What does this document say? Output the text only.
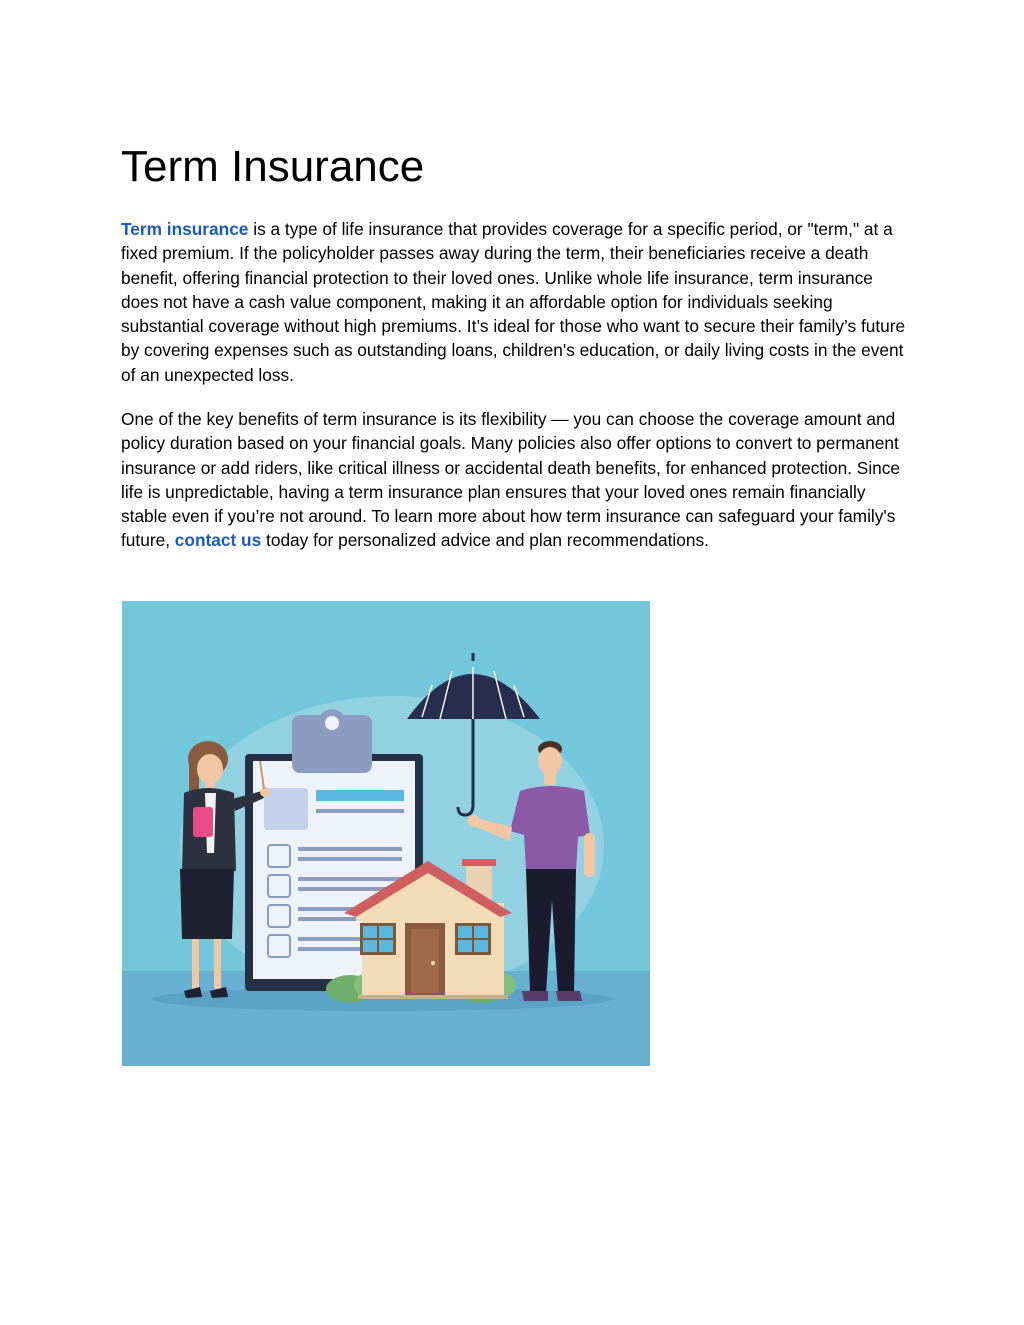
Term Insurance

Term insurance is a type of life insurance that provides coverage for a specific period, or "term," at a fixed premium. If the policyholder passes away during the term, their beneficiaries receive a death benefit, offering financial protection to their loved ones. Unlike whole life insurance, term insurance does not have a cash value component, making it an affordable option for individuals seeking substantial coverage without high premiums. It’s ideal for those who want to secure their family’s future by covering expenses such as outstanding loans, children's education, or daily living costs in the event of an unexpected loss.

One of the key benefits of term insurance is its flexibility — you can choose the coverage amount and policy duration based on your financial goals. Many policies also offer options to convert to permanent insurance or add riders, like critical illness or accidental death benefits, for enhanced protection. Since life is unpredictable, having a term insurance plan ensures that your loved ones remain financially stable even if you’re not around. To learn more about how term insurance can safeguard your family's future, contact us today for personalized advice and plan recommendations.
